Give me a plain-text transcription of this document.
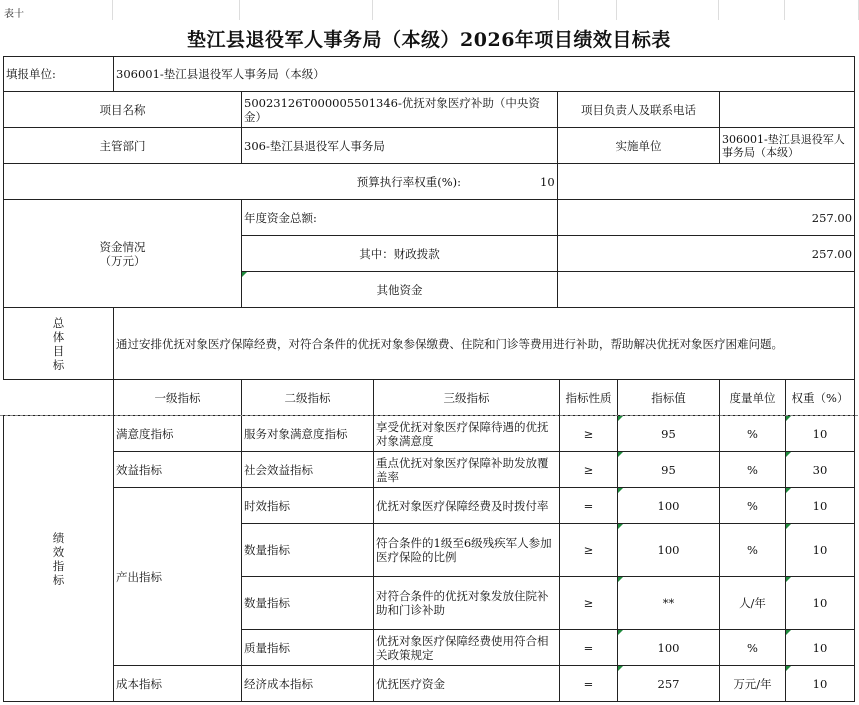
表十

垫江县退役军人事务局（本级）2026年项目绩效目标表
填报单位:	306001-垫江县退役军人事务局（本级）			
项目名称		50023126T000005501346-优抚对象医疗补助（中央资金）	项目负责人及联系电话	
主管部门		306-垫江县退役军人事务局	实施单位	306001-垫江县退役军人事务局（本级）
预算执行率权重(%):			10	

资金情况
（万元）		年度资金总额:	257.00	
		其中：财政拨款	257.00	
		其他资金		

总
体
目
标	通过安排优抚对象医疗保障经费，对符合条件的优抚对象参保缴费、住院和门诊等费用进行补助，帮助解决优抚对象医疗困难问题。			
	一级指标	二级指标	三级指标	指标性质	指标值	度量单位	权重（%）

绩
效
指
标	满意度指标	服务对象满意度指标	享受优抚对象医疗保障待遇的优抚对象满意度	≥	95	%	10
	效益指标	社会效益指标	重点优抚对象医疗保障补助发放覆盖率	≥	95	%	30
	产出指标	时效指标	优抚对象医疗保障经费及时拨付率	=	100	%	10
		数量指标	符合条件的1级至6级残疾军人参加医疗保险的比例	≥	100	%	10
		数量指标	对符合条件的优抚对象发放住院补助和门诊补助	≥	**	人/年	10
		质量指标	优抚对象医疗保障经费使用符合相关政策规定	=	100	%	10
	成本指标	经济成本指标	优抚医疗资金	=	257	万元/年	10
